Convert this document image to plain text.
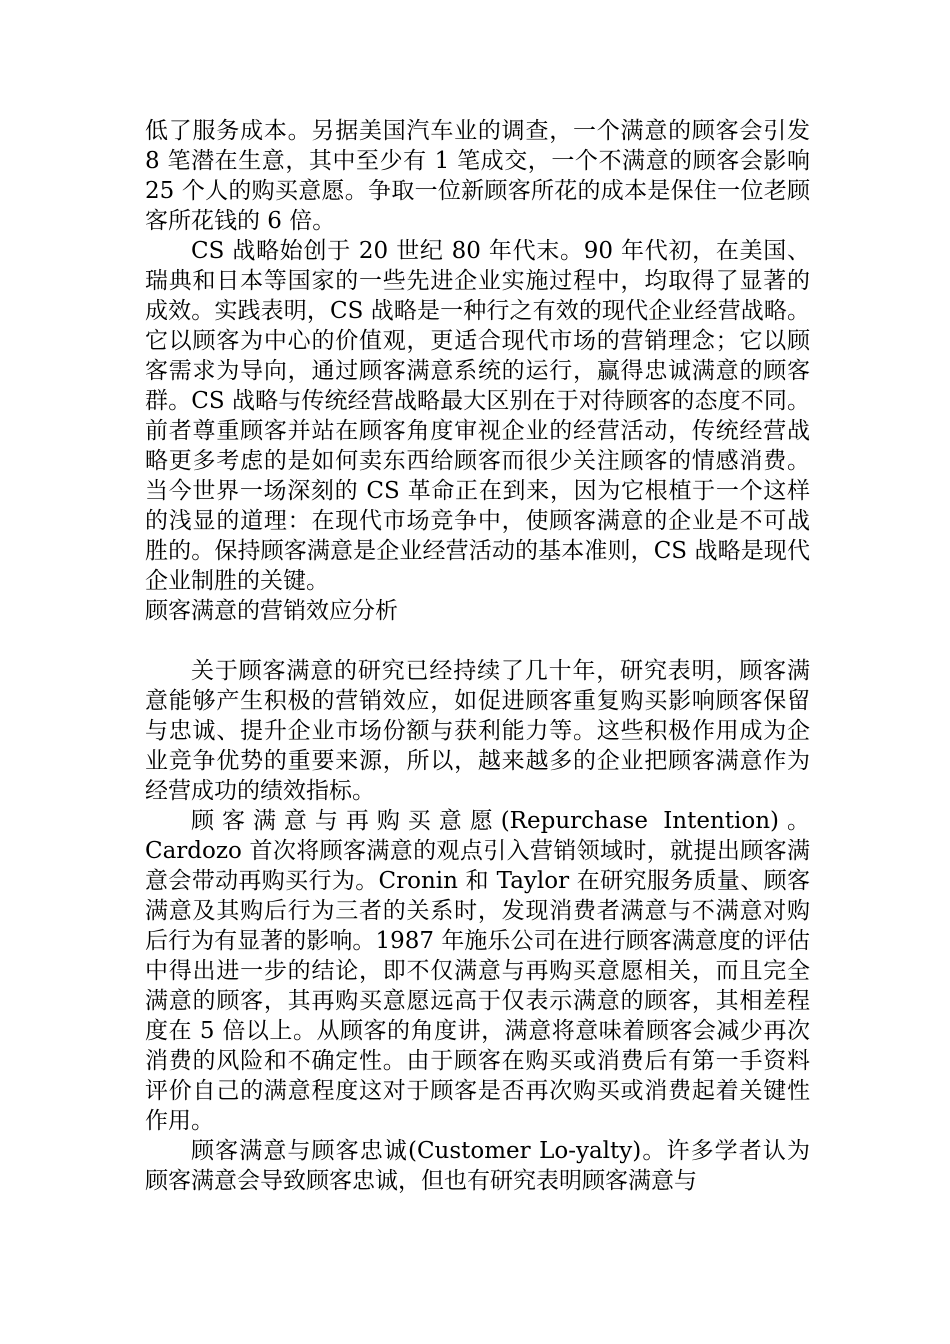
低了服务成本。另据美国汽车业的调查，一个满意的顾客会引发 8 笔潜在生意，其中至少有 1 笔成交，一个不满意的顾客会影响 25 个人的购买意愿。争取一位新顾客所花的成本是保住一位老顾客所花钱的 6 倍。

CS 战略始创于 20 世纪 80 年代末。90 年代初，在美国、瑞典和日本等国家的一些先进企业实施过程中，均取得了显著的成效。实践表明，CS 战略是一种行之有效的现代企业经营战略。它以顾客为中心的价值观，更适合现代市场的营销理念；它以顾客需求为导向，通过顾客满意系统的运行，赢得忠诚满意的顾客群。CS 战略与传统经营战略最大区别在于对待顾客的态度不同。前者尊重顾客并站在顾客角度审视企业的经营活动，传统经营战略更多考虑的是如何卖东西给顾客而很少关注顾客的情感消费。当今世界一场深刻的 CS 革命正在到来，因为它根植于一个这样的浅显的道理：在现代市场竞争中，使顾客满意的企业是不可战胜的。保持顾客满意是企业经营活动的基本准则，CS 战略是现代企业制胜的关键。

顾客满意的营销效应分析

关于顾客满意的研究已经持续了几十年，研究表明，顾客满意能够产生积极的营销效应，如促进顾客重复购买影响顾客保留与忠诚、提升企业市场份额与获利能力等。这些积极作用成为企业竞争优势的重要来源，所以，越来越多的企业把顾客满意作为经营成功的绩效指标。

顾客满意与再购买意愿(Repurchase Intention)。Cardozo 首次将顾客满意的观点引入营销领域时，就提出顾客满意会带动再购买行为。Cronin 和 Taylor 在研究服务质量、顾客满意及其购后行为三者的关系时，发现消费者满意与不满意对购后行为有显著的影响。1987 年施乐公司在进行顾客满意度的评估中得出进一步的结论，即不仅满意与再购买意愿相关，而且完全满意的顾客，其再购买意愿远高于仅表示满意的顾客，其相差程度在 5 倍以上。从顾客的角度讲，满意将意味着顾客会减少再次消费的风险和不确定性。由于顾客在购买或消费后有第一手资料评价自己的满意程度这对于顾客是否再次购买或消费起着关键性作用。

顾客满意与顾客忠诚(Customer Lo-yalty)。许多学者认为顾客满意会导致顾客忠诚，但也有研究表明顾客满意与
